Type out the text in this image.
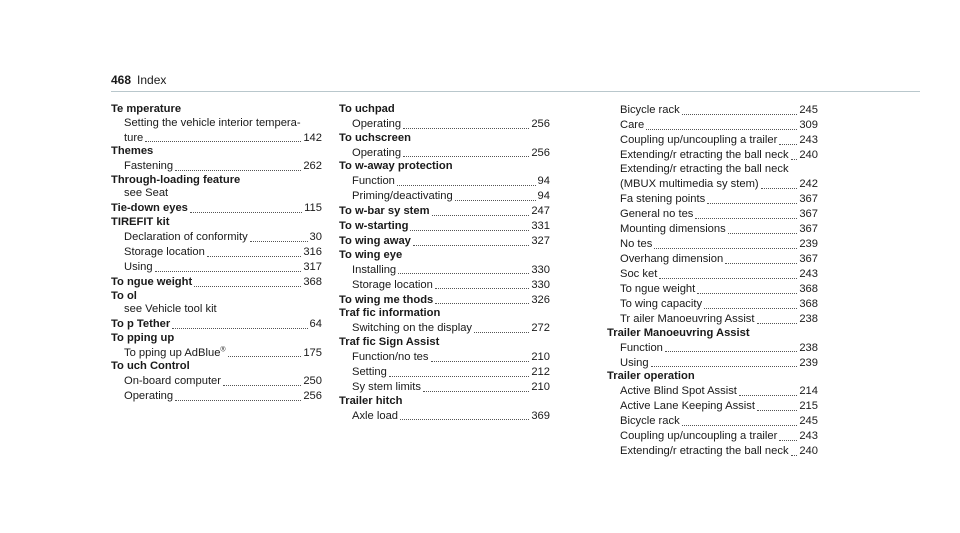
468 Index
Te mperature
Setting the vehicle interior tempera-
ture	142
Themes
Fastening	262
Through-loading feature
see Seat
Tie-down eyes	115
TIREFIT kit
Declaration of conformity	30
Storage location	316
Using	317
To ngue weight	368
To ol
see Vehicle tool kit
To p Tether	64
To pping up
To pping up AdBlue®	175
To uch Control
On-board computer	250
Operating	256
To uchpad
Operating	256
To uchscreen
Operating	256
To w-away protection
Function	94
Priming/deactivating	94
To w-bar sy stem	247
To w-starting	331
To wing away	327
To wing eye
Installing	330
Storage location	330
To wing me thods	326
Traf fic information
Switching on the display	272
Traf fic Sign Assist
Function/no tes	210
Setting	212
Sy stem limits	210
Trailer hitch
Axle load	369
Bicycle rack	245
Care	309
Coupling up/uncoupling a trailer 243
Extending/r etracting the ball neck 240
Extending/r etracting the ball neck
(MBUX multimedia sy stem)	242
Fa stening points	367
General no tes	367
Mounting dimensions	367
No tes	239
Overhang dimension	367
Soc ket	243
To ngue weight	368
To wing capacity	368
Tr ailer Manoeuvring Assist	238
Trailer Manoeuvring Assist
Function	238
Using	239
Trailer operation
Active Blind Spot Assist	214
Active Lane Keeping Assist	215
Bicycle rack	245
Coupling up/uncoupling a trailer 243
Extending/r etracting the ball neck 240
